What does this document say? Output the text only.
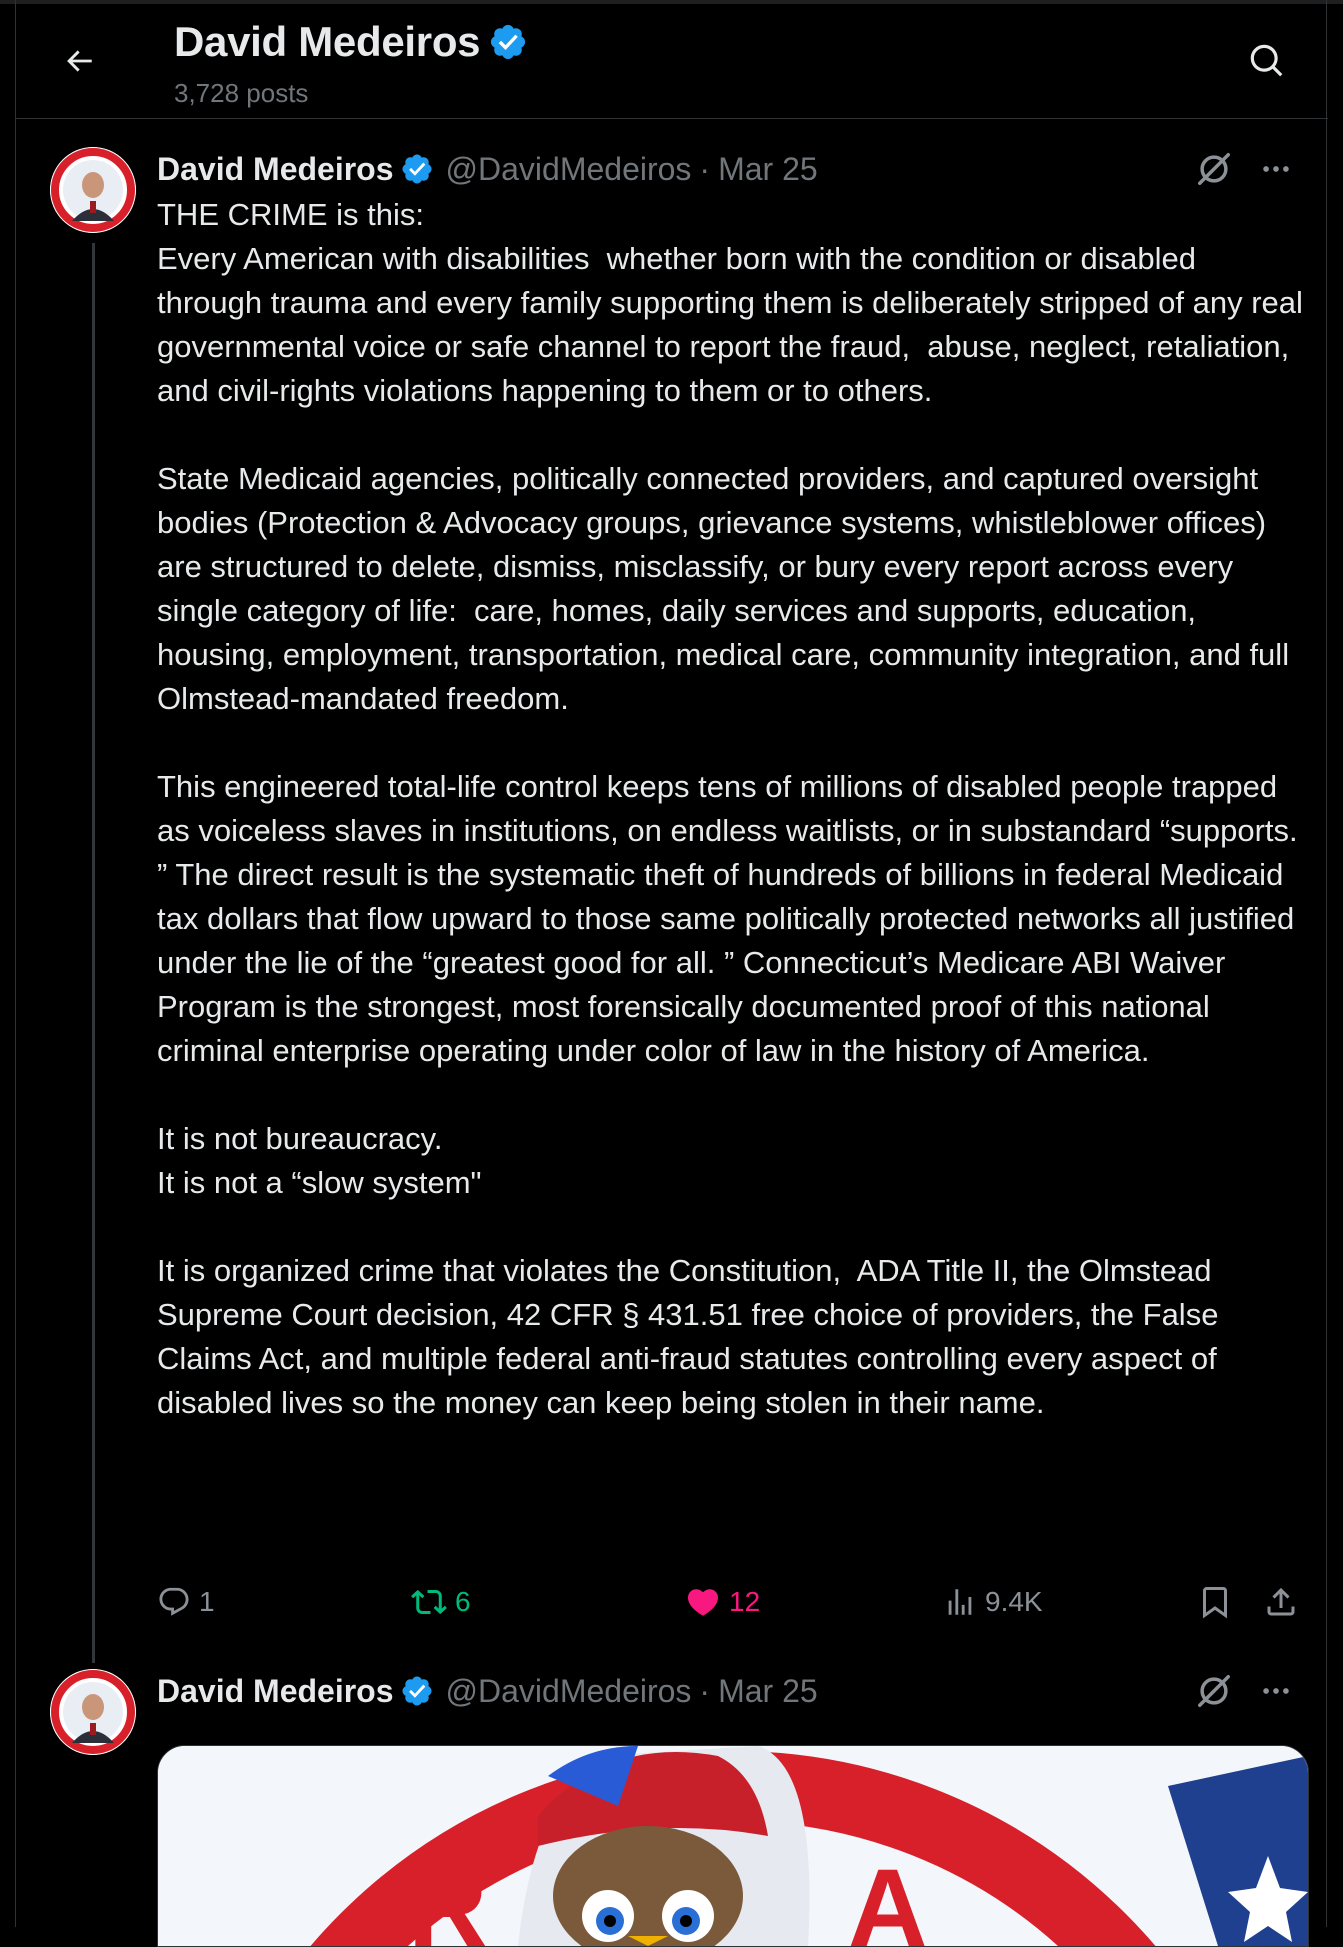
David Medeiros
3,728 posts
David Medeiros @DavidMedeiros · Mar 25

THE CRIME is this:
Every American with disabilities  whether born with the condition or disabled through trauma and every family supporting them is deliberately stripped of any real governmental voice or safe channel to report the fraud,  abuse, neglect, retaliation, and civil-rights violations happening to them or to others.

State Medicaid agencies, politically connected providers, and captured oversight bodies (Protection & Advocacy groups, grievance systems, whistleblower offices) are structured to delete, dismiss, misclassify, or bury every report across every single category of life:  care, homes, daily services and supports, education, housing, employment, transportation, medical care, community integration, and full Olmstead-mandated freedom.

This engineered total-life control keeps tens of millions of disabled people trapped as voiceless slaves in institutions, on endless waitlists, or in substandard “supports. ” The direct result is the systematic theft of hundreds of billions in federal Medicaid tax dollars that flow upward to those same politically protected networks all justified under the lie of the “greatest good for all. ” Connecticut’s Medicare ABI Waiver Program is the strongest, most forensically documented proof of this national criminal enterprise operating under color of law in the history of America.

It is not bureaucracy.
It is not a “slow system"

It is organized crime that violates the Constitution,  ADA Title II, the Olmstead Supreme Court decision, 42 CFR § 431.51 free choice of providers, the False Claims Act, and multiple federal anti-fraud statutes controlling every aspect of disabled lives so the money can keep being stolen in their name.

1	6	12	9.4K
David Medeiros @DavidMedeiros · Mar 25
R	A
